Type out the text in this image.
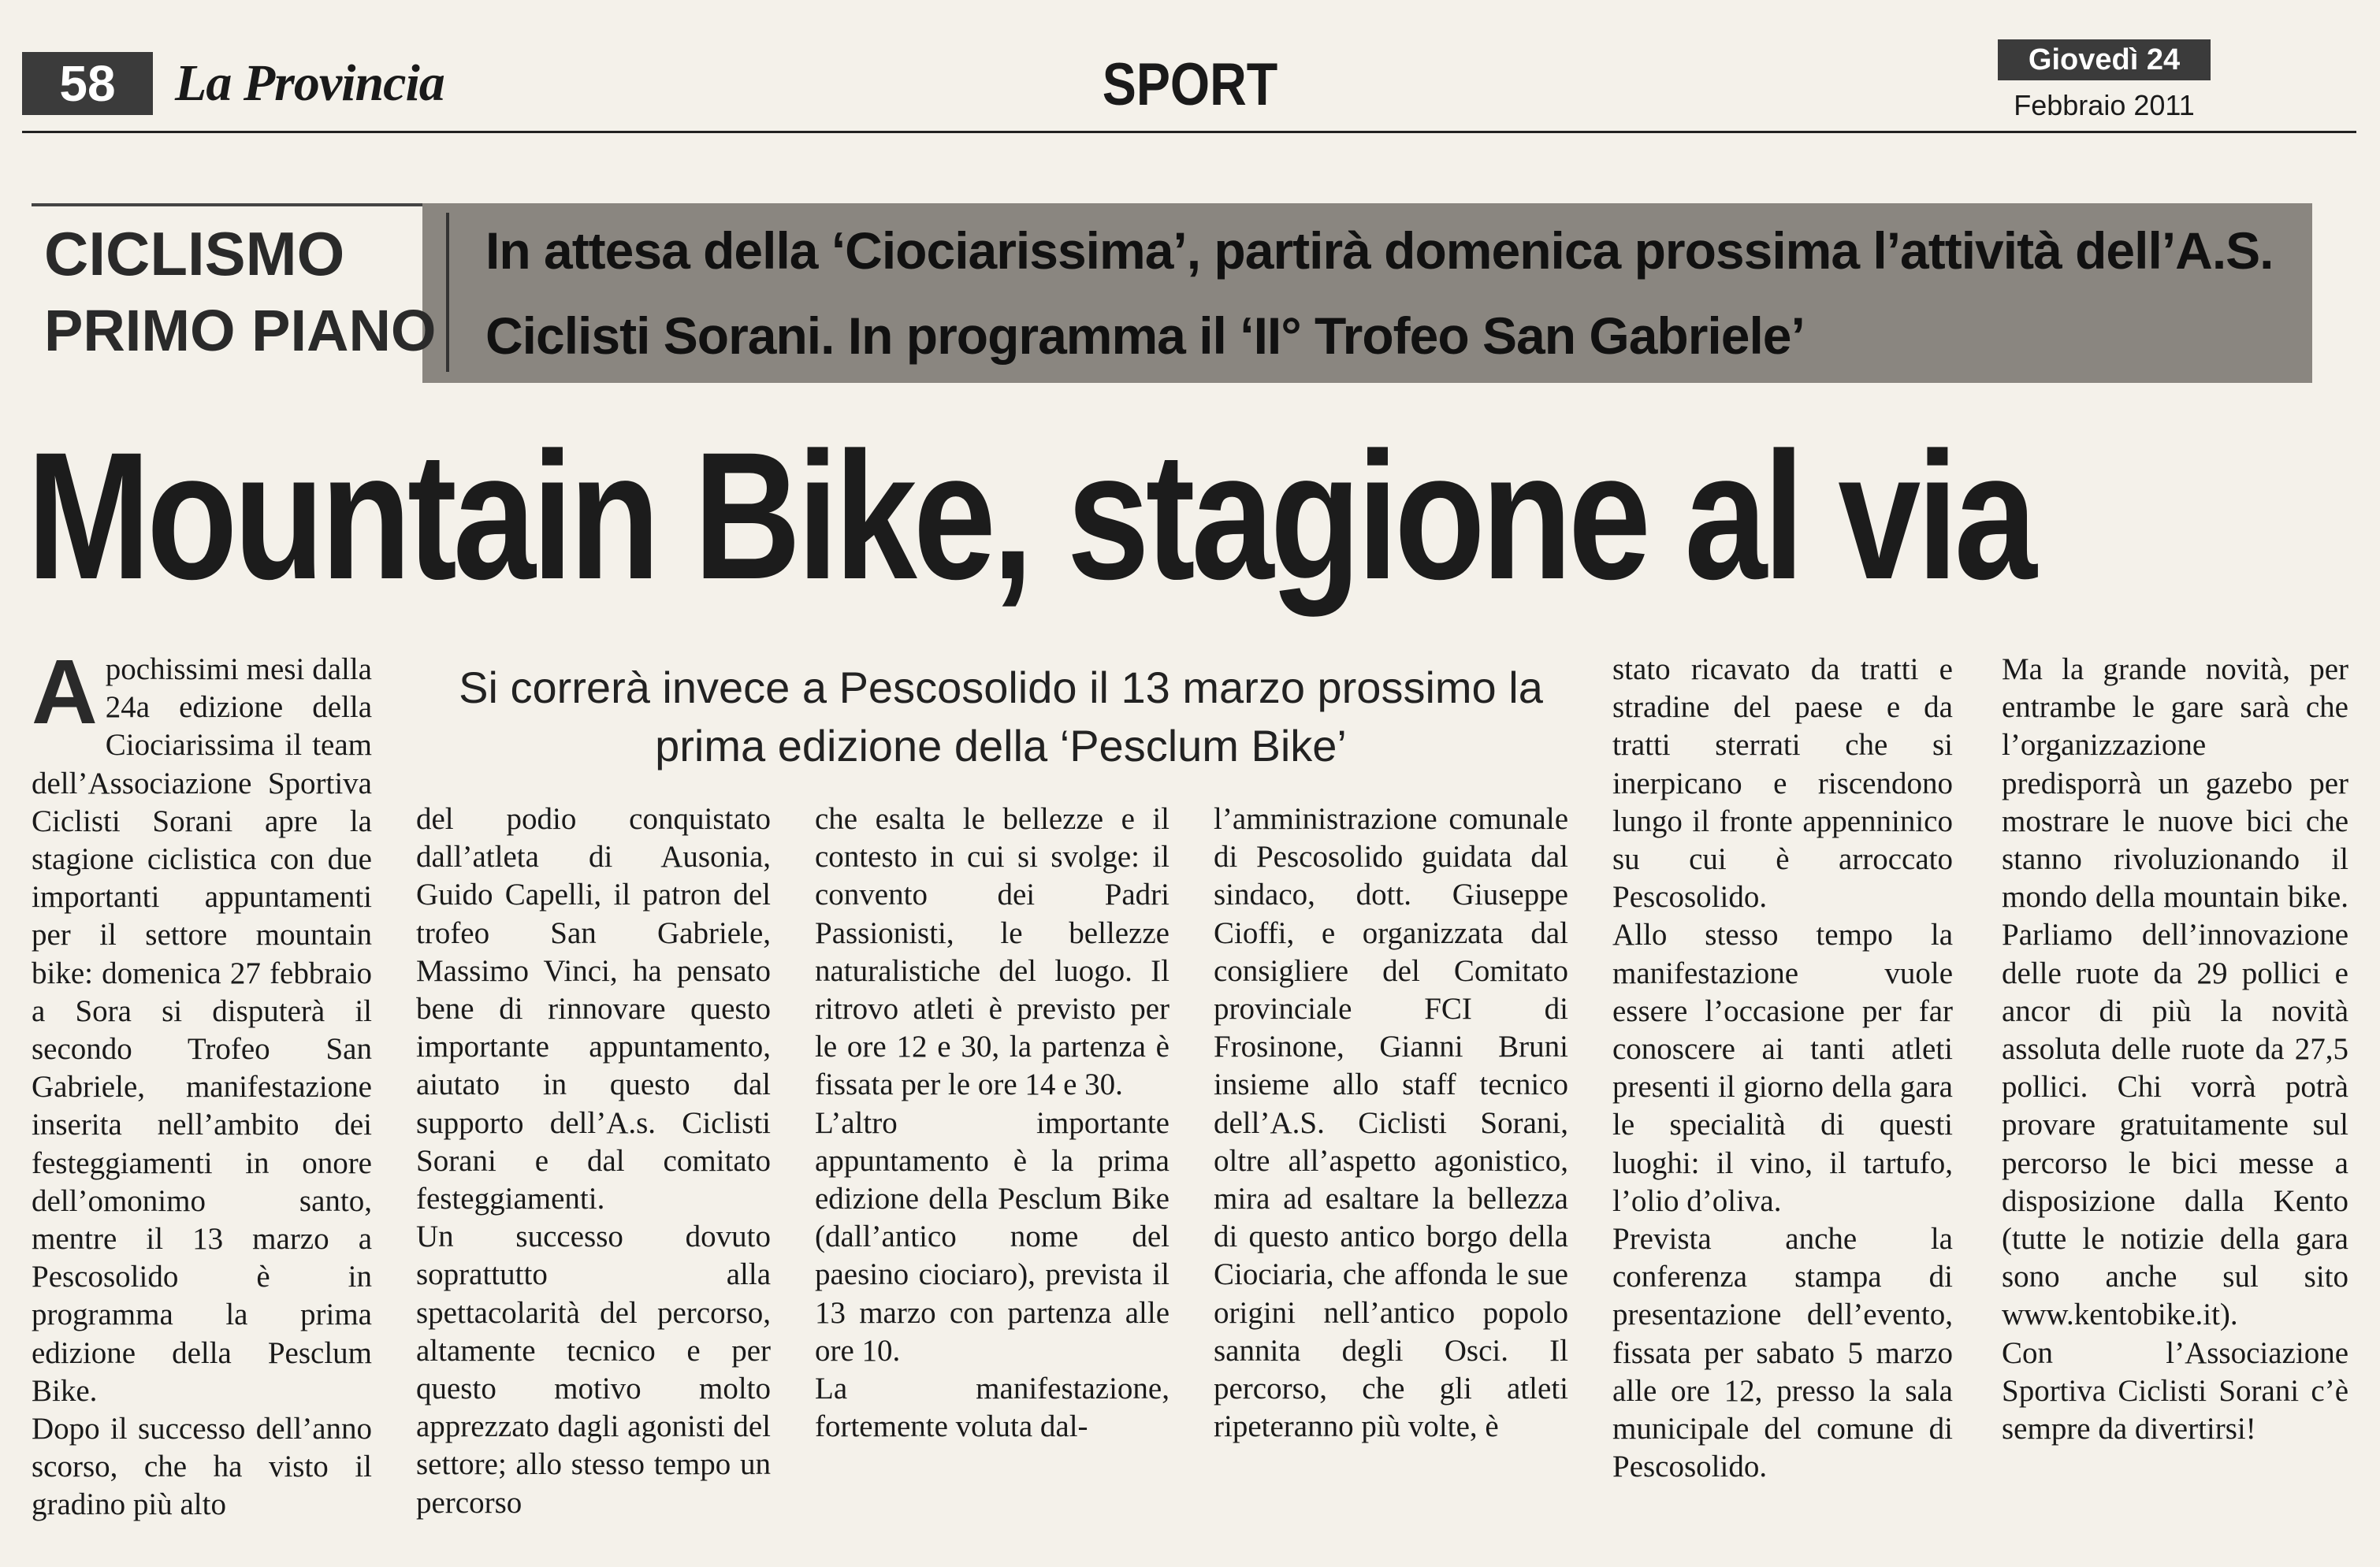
58	La Provincia	SPORT	Giovedì 24
Febbraio 2011
CICLISMO
PRIMO PIANO
In attesa della ‘Ciociarissima’, partirà domenica prossima l’attività dell’A.S. Ciclisti Sorani. In programma il ‘II° Trofeo San Gabriele’
Mountain Bike, stagione al via
Si correrà invece a Pescosolido il 13 marzo prossimo la prima edizione della ‘Pesclum Bike’
A pochissimi mesi dalla 24a edizione della Ciociarissima il team dell’Associazione Sportiva Ciclisti Sorani apre la stagione ciclistica con due importanti appuntamenti per il settore mountain bike: domenica 27 febbraio a Sora si disputerà il secondo Trofeo San Gabriele, manifestazione inserita nell’ambito dei festeggiamenti in onore dell’omonimo santo, mentre il 13 marzo a Pescosolido è in programma la prima edizione della Pesclum Bike.

Dopo il successo dell’anno scorso, che ha visto il gradino più alto

del podio conquistato dall’atleta di Ausonia, Guido Capelli, il patron del trofeo San Gabriele, Massimo Vinci, ha pensato bene di rinnovare questo importante appuntamento, aiutato in questo dal supporto dell’A.s. Ciclisti Sorani e dal comitato festeggiamenti.

Un successo dovuto soprattutto alla spettacolarità del percorso, altamente tecnico e per questo motivo molto apprezzato dagli agonisti del settore; allo stesso tempo un percorso

che esalta le bellezze e il contesto in cui si svolge: il convento dei Padri Passionisti, le bellezze naturalistiche del luogo. Il ritrovo atleti è previsto per le ore 12 e 30, la partenza è fissata per le ore 14 e 30.

L’altro importante appuntamento è la prima edizione della Pesclum Bike (dall’antico nome del paesino ciociaro), prevista il 13 marzo con partenza alle ore 10.

La manifestazione, fortemente voluta dal-

l’amministrazione comunale di Pescosolido guidata dal sindaco, dott. Giuseppe Cioffi, e organizzata dal consigliere del Comitato provinciale FCI di Frosinone, Gianni Bruni insieme allo staff tecnico dell’A.S. Ciclisti Sorani, oltre all’aspetto agonistico, mira ad esaltare la bellezza di questo antico borgo della Ciociaria, che affonda le sue origini nell’antico popolo sannita degli Osci. Il percorso, che gli atleti ripeteranno più volte, è

stato ricavato da tratti e stradine del paese e da tratti sterrati che si inerpicano e riscendono lungo il fronte appenninico su cui è arroccato Pescosolido.

Allo stesso tempo la manifestazione vuole essere l’occasione per far conoscere ai tanti atleti presenti il giorno della gara le specialità di questi luoghi: il vino, il tartufo, l’olio d’oliva.

Prevista anche la conferenza stampa di presentazione dell’evento, fissata per sabato 5 marzo alle ore 12, presso la sala municipale del comune di Pescosolido.

Ma la grande novità, per entrambe le gare sarà che l’organizzazione predisporrà un gazebo per mostrare le nuove bici che stanno rivoluzionando il mondo della mountain bike. Parliamo dell’innovazione delle ruote da 29 pollici e ancor di più la novità assoluta delle ruote da 27,5 pollici. Chi vorrà potrà provare gratuitamente sul percorso le bici messe a disposizione dalla Kento (tutte le notizie della gara sono anche sul sito www.kentobike.it).

Con l’Associazione Sportiva Ciclisti Sorani c’è sempre da divertirsi!
